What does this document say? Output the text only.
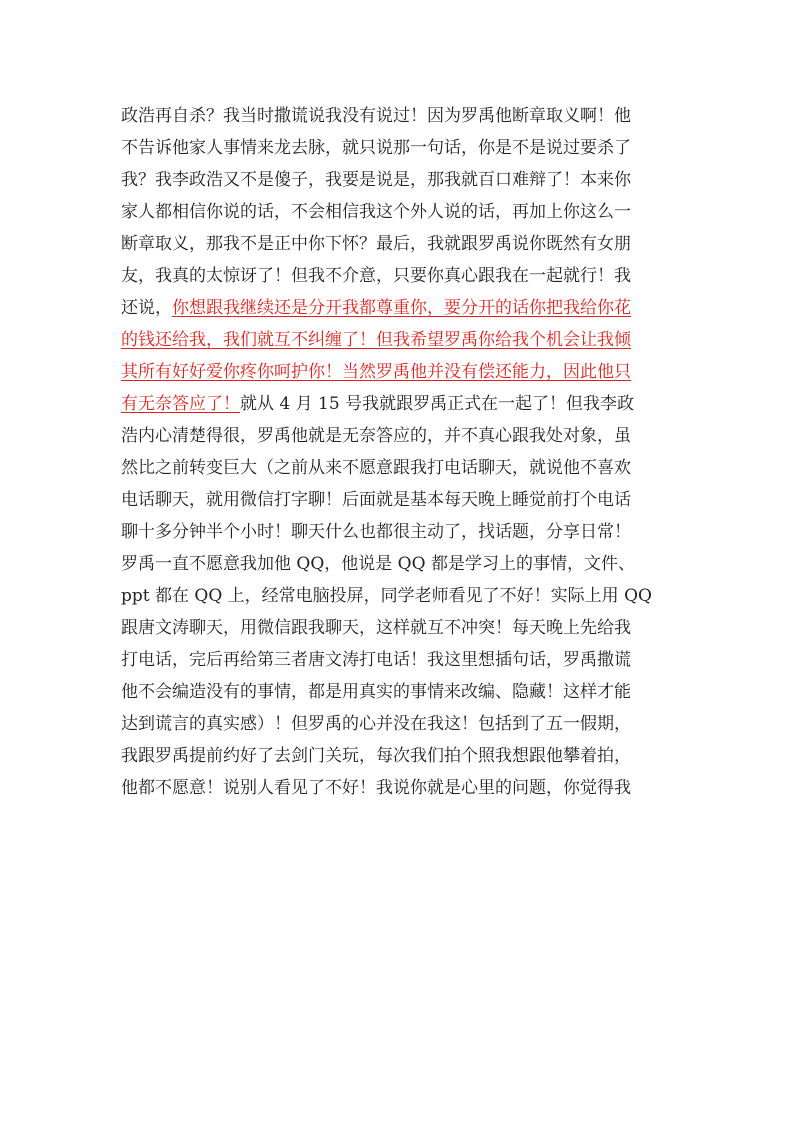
政浩再自杀？我当时撒谎说我没有说过！因为罗禹他断章取义啊！他
不告诉他家人事情来龙去脉，就只说那一句话，你是不是说过要杀了
我？我李政浩又不是傻子，我要是说是，那我就百口难辩了！本来你
家人都相信你说的话，不会相信我这个外人说的话，再加上你这么一
断章取义，那我不是正中你下怀？最后，我就跟罗禹说你既然有女朋
友，我真的太惊讶了！但我不介意，只要你真心跟我在一起就行！我
还说，你想跟我继续还是分开我都尊重你，要分开的话你把我给你花
的钱还给我，我们就互不纠缠了！但我希望罗禹你给我个机会让我倾
其所有好好爱你疼你呵护你！当然罗禹他并没有偿还能力，因此他只
有无奈答应了！就从 4 月 15 号我就跟罗禹正式在一起了！但我李政
浩内心清楚得很，罗禹他就是无奈答应的，并不真心跟我处对象，虽
然比之前转变巨大（之前从来不愿意跟我打电话聊天，就说他不喜欢
电话聊天，就用微信打字聊！后面就是基本每天晚上睡觉前打个电话
聊十多分钟半个小时！聊天什么也都很主动了，找话题，分享日常！
罗禹一直不愿意我加他 QQ，他说是 QQ 都是学习上的事情，文件、
ppt 都在 QQ 上，经常电脑投屏，同学老师看见了不好！实际上用 QQ
跟唐文涛聊天，用微信跟我聊天，这样就互不冲突！每天晚上先给我
打电话，完后再给第三者唐文涛打电话！我这里想插句话，罗禹撒谎
他不会编造没有的事情，都是用真实的事情来改编、隐藏！这样才能
达到谎言的真实感）！但罗禹的心并没在我这！包括到了五一假期，
我跟罗禹提前约好了去剑门关玩，每次我们拍个照我想跟他攀着拍，
他都不愿意！说别人看见了不好！我说你就是心里的问题，你觉得我
